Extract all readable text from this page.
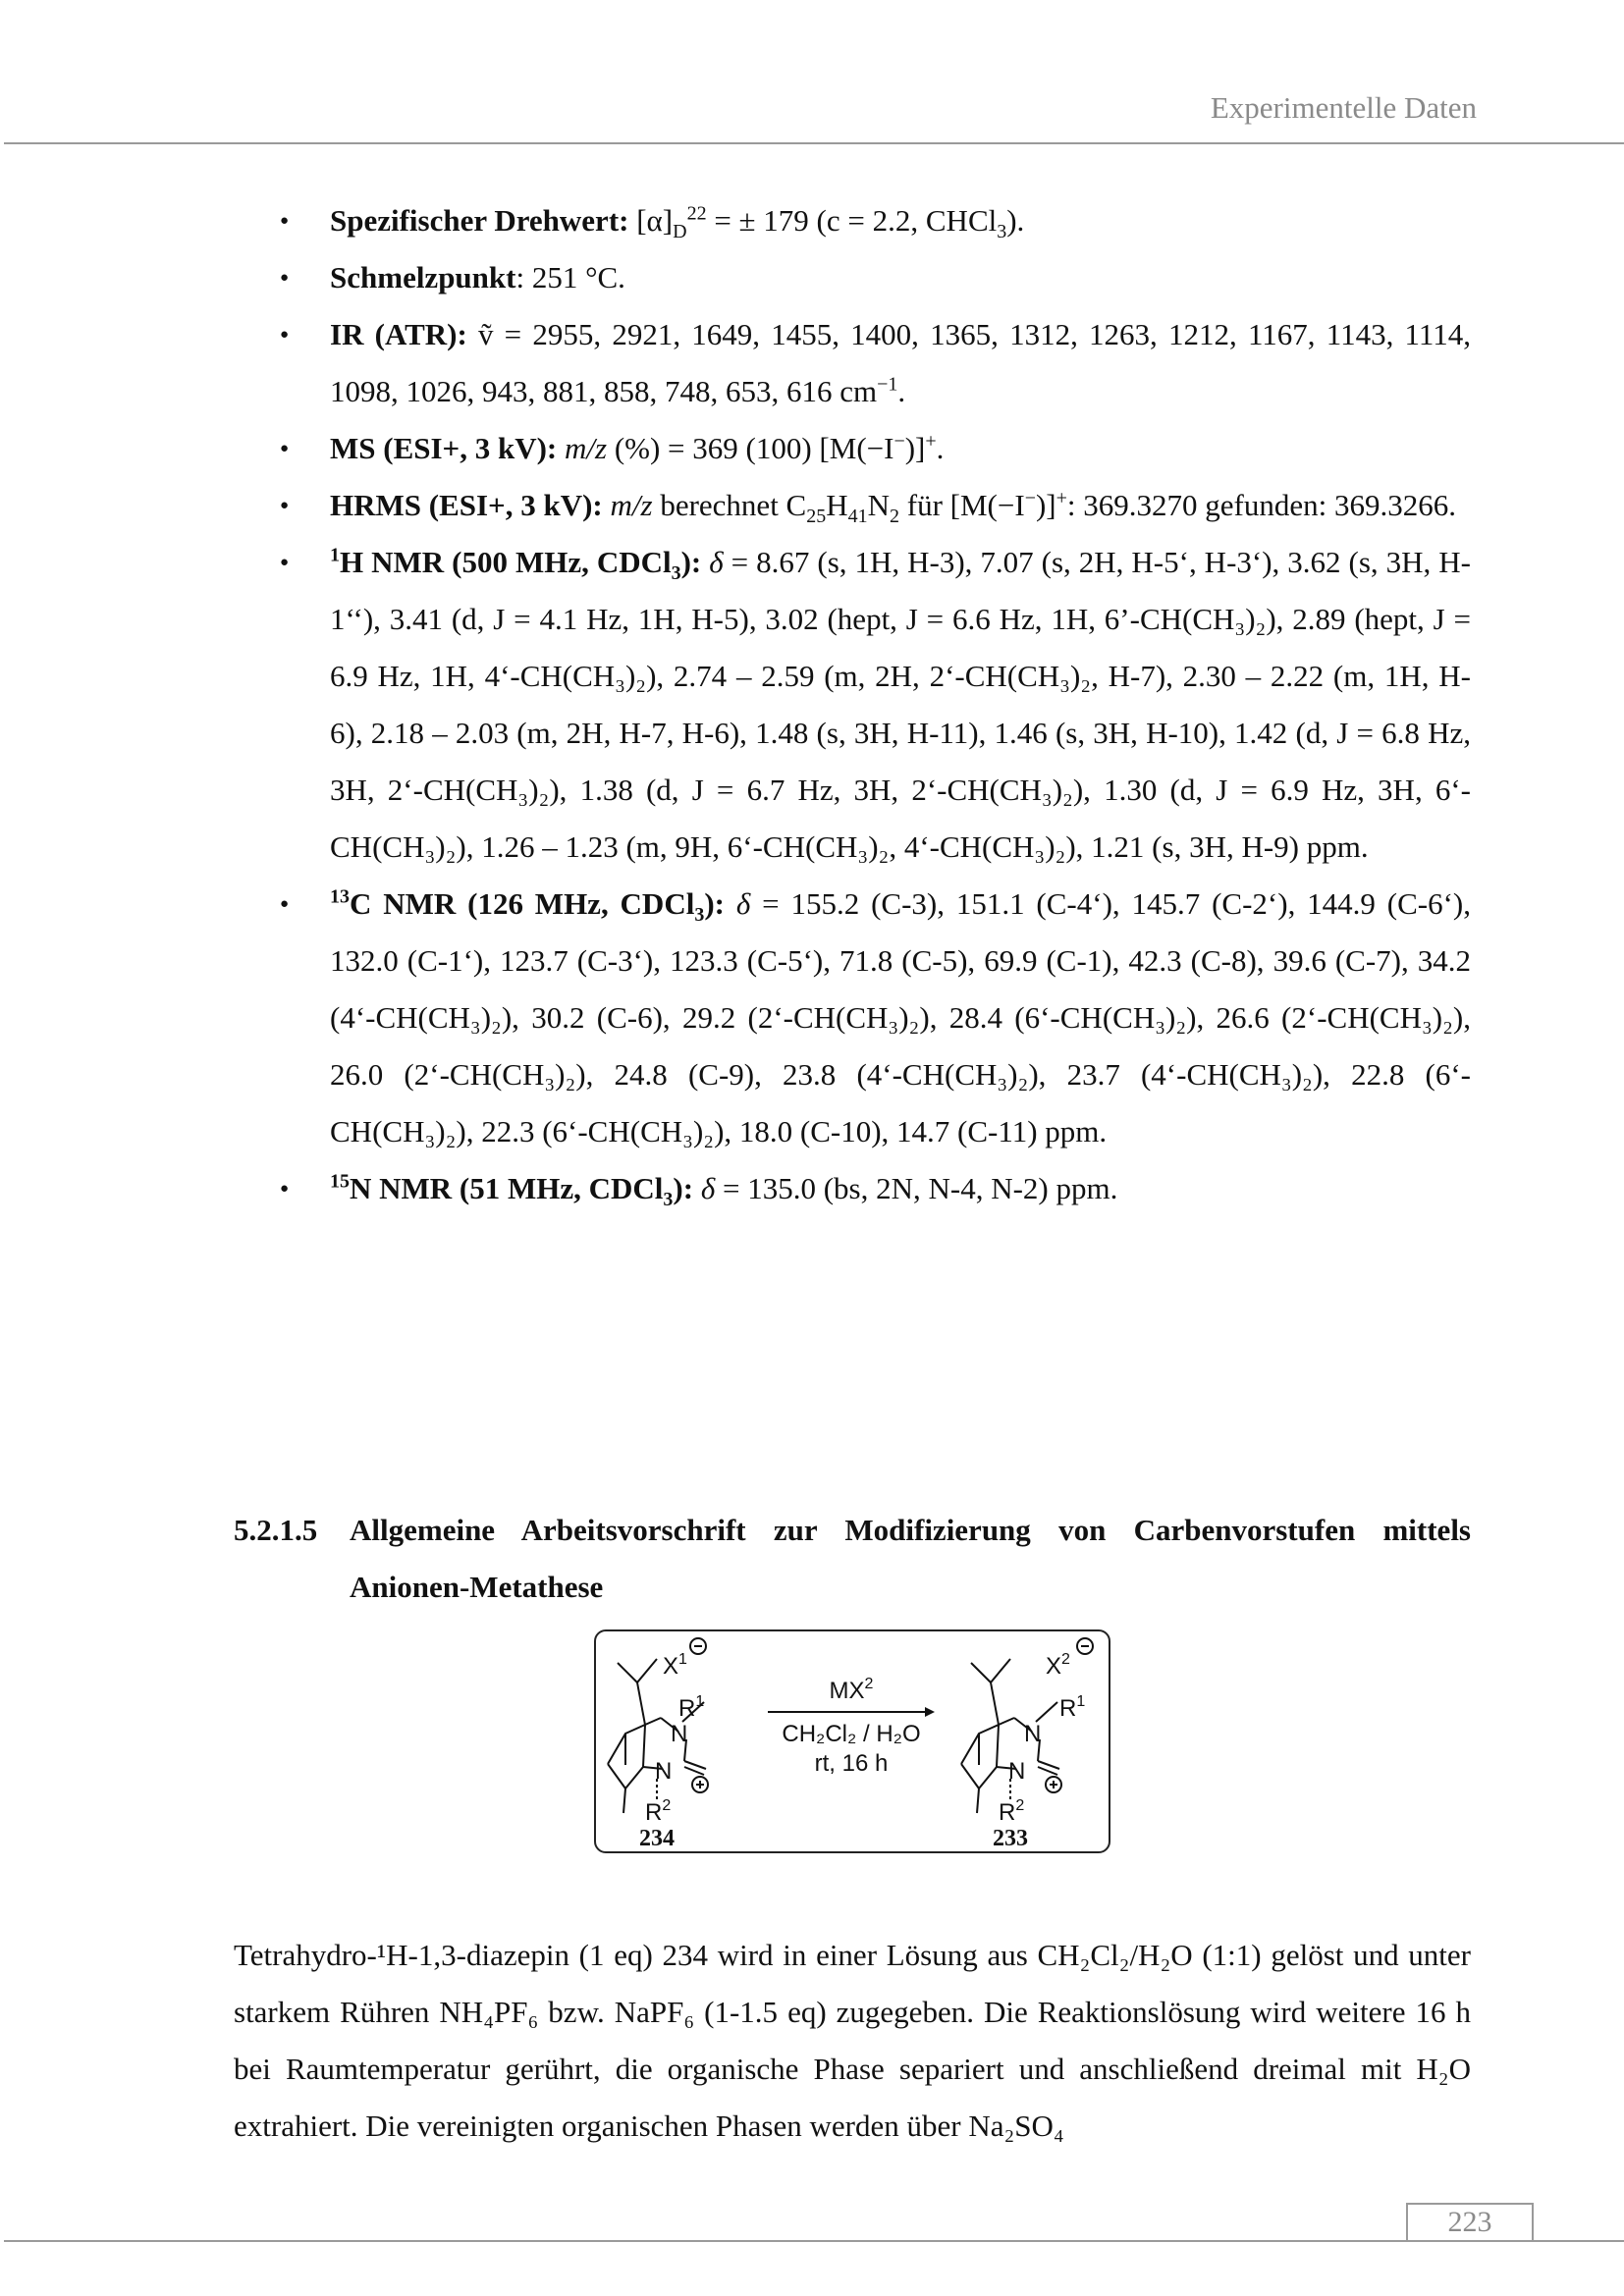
Experimentelle Daten
● Spezifischer Drehwert: $[\alpha]_D^{22}$ = ± 179 (c = 2.2, CHCl$_3$).
● Schmelzpunkt: 251 °C.
● IR (ATR): ṽ = 2955, 2921, 1649, 1455, 1400, 1365, 1312, 1263, 1212, 1167, 1143, 1114, 1098, 1026, 943, 881, 858, 748, 653, 616 $cm^{-1}$.
● MS (ESI+, 3 kV): m/z (%) = 369 (100) [M(−I−)]+.
● HRMS (ESI+, 3 kV): m/z berechnet $C_{25}H_{41}N_2$ für [M(−I−)]+: 369.3270 gefunden: 369.3266.
● $^1$H NMR (500 MHz, CDCl$_3$): δ = 8.67 (s, 1H, H-3), 7.07 (s, 2H, H-5‘, H-3‘), 3.62 (s, 3H, H-1‘‘), 3.41 (d, J = 4.1 Hz, 1H, H-5), 3.02 (hept, J = 6.6 Hz, 1H, 6’-CH(CH₃)₂), 2.89 (hept, J = 6.9 Hz, 1H, 4‘-CH(CH₃)₂), 2.74 – 2.59 (m, 2H, 2‘-CH(CH₃)₂, H-7), 2.30 – 2.22 (m, 1H, H-6), 2.18 – 2.03 (m, 2H, H-7, H-6), 1.48 (s, 3H, H-11), 1.46 (s, 3H, H-10), 1.42 (d, J = 6.8 Hz, 3H, 2‘-CH(CH₃)₂), 1.38 (d, J = 6.7 Hz, 3H, 2‘-CH(CH₃)₂), 1.30 (d, J = 6.9 Hz, 3H, 6‘-CH(CH₃)₂), 1.26 – 1.23 (m, 9H, 6‘-CH(CH₃)₂, 4‘-CH(CH₃)₂), 1.21 (s, 3H, H-9) ppm.
● $^{13}$C NMR (126 MHz, CDCl$_3$): δ = 155.2 (C-3), 151.1 (C-4‘), 145.7 (C-2‘), 144.9 (C-6‘), 132.0 (C-1‘), 123.7 (C-3‘), 123.3 (C-5‘), 71.8 (C-5), 69.9 (C-1), 42.3 (C-8), 39.6 (C-7), 34.2 (4‘-CH(CH₃)₂), 30.2 (C-6), 29.2 (2‘-CH(CH₃)₂), 28.4 (6‘-CH(CH₃)₂), 26.6 (2‘-CH(CH₃)₂), 26.0 (2‘-CH(CH₃)₂), 24.8 (C-9), 23.8 (4‘-CH(CH₃)₂), 23.7 (4‘-CH(CH₃)₂), 22.8 (6‘-CH(CH₃)₂), 22.3 (6‘-CH(CH₃)₂), 18.0 (C-10), 14.7 (C-11) ppm.
● $^{15}$N NMR (51 MHz, CDCl$_3$): δ = 135.0 (bs, 2N, N-4, N-2) ppm.
5.2.1.5 Allgemeine Arbeitsvorschrift zur Modifizierung von Carbenvorstufen mittels Anionen-Metathese
$X^1$
$R^1$
N
N
$R^2$
234
$MX^2$
CH₂Cl₂ / H₂O
rt, 16 h
$X^2$
$R^1$
N
N
$R^2$
233

Tetrahydro-¹H-1,3-diazepin (1 eq) 234 wird in einer Lösung aus CH₂Cl₂/H₂O (1:1) gelöst und unter starkem Rühren NH₄PF₆ bzw. NaPF₆ (1-1.5 eq) zugegeben. Die Reaktionslösung wird weitere 16 h bei Raumtemperatur gerührt, die organische Phase separiert und anschließend dreimal mit H₂O extrahiert. Die vereinigten organischen Phasen werden über Na₂SO₄

223
